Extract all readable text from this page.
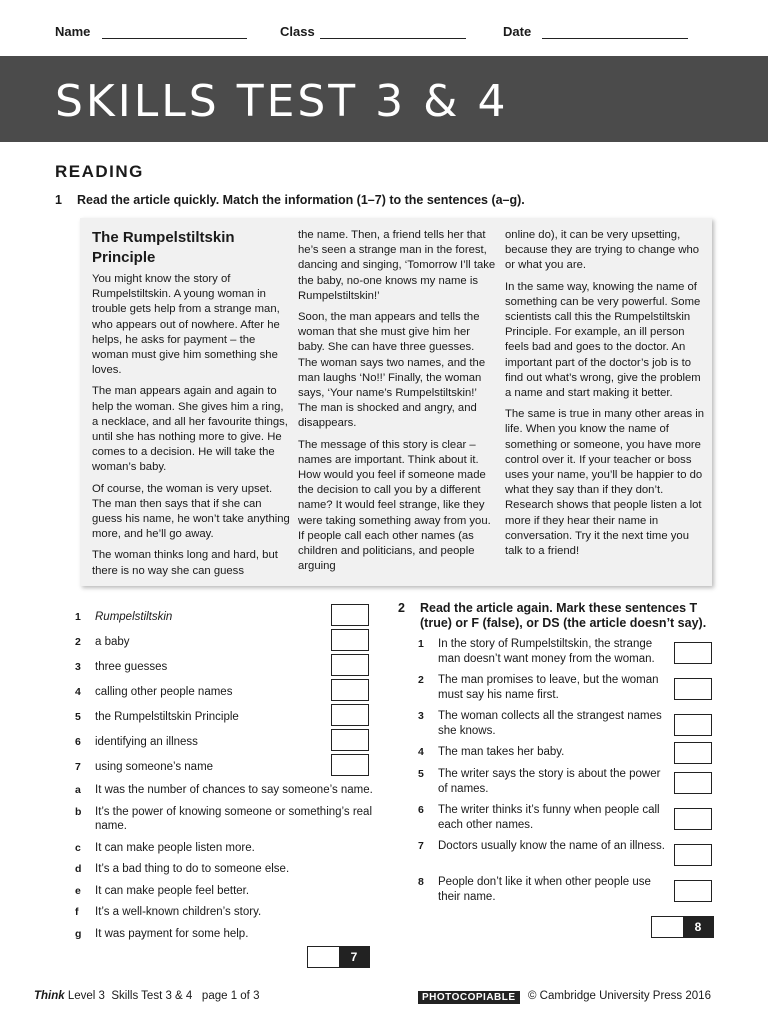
Name	Class	Date
SKILLS TEST 3 & 4
READING
1 Read the article quickly. Match the information (1–7) to the sentences (a–g).
The Rumpelstiltskin Principle

You might know the story of Rumpelstiltskin. A young woman in trouble gets help from a strange man, who appears out of nowhere. After he helps, he asks for payment – the woman must give him something she loves.

The man appears again and again to help the woman. She gives him a ring, a necklace, and all her favourite things, until she has nothing more to give. He comes to a decision. He will take the woman’s baby.

Of course, the woman is very upset. The man then says that if she can guess his name, he won’t take anything more, and he’ll go away.

The woman thinks long and hard, but there is no way she can guess

the name. Then, a friend tells her that he’s seen a strange man in the forest, dancing and singing, ‘Tomorrow I’ll take the baby, no-one knows my name is Rumpelstiltskin!’

Soon, the man appears and tells the woman that she must give him her baby. She can have three guesses. The woman says two names, and the man laughs ‘No!!’ Finally, the woman says, ‘Your name’s Rumpelstiltskin!’ The man is shocked and angry, and disappears.

The message of this story is clear – names are important. Think about it. How would you feel if someone made the decision to call you by a different name? It would feel strange, like they were taking something away from you. If people call each other names (as children and politicians, and people arguing

online do), it can be very upsetting, because they are trying to change who or what you are.

In the same way, knowing the name of something can be very powerful. Some scientists call this the Rumpelstiltskin Principle. For example, an ill person feels bad and goes to the doctor. An important part of the doctor’s job is to find out what’s wrong, give the problem a name and start making it better.

The same is true in many other areas in life. When you know the name of something or someone, you have more control over it. If your teacher or boss uses your name, you’ll be happier to do what they say than if they don’t. Research shows that people listen a lot more if they hear their name in conversation. Try it the next time you talk to a friend!

1	Rumpelstiltskin
2	a baby
3	three guesses
4	calling other people names
5	the Rumpelstiltskin Principle
6	identifying an illness
7	using someone’s name
a It was the number of chances to say someone’s name.
b It’s the power of knowing someone or something’s real name.
c It can make people listen more.
d It’s a bad thing to do to someone else.
e It can make people feel better.
f It’s a well-known children’s story.
g It was payment for some help.
7
2 Read the article again. Mark these sentences T (true) or F (false), or DS (the article doesn’t say).
1 In the story of Rumpelstiltskin, the strange man doesn’t want money from the woman.
2 The man promises to leave, but the woman must say his name first.
3 The woman collects all the strangest names she knows.
4 The man takes her baby.
5 The writer says the story is about the power of names.
6 The writer thinks it’s funny when people call each other names.
7 Doctors usually know the name of an illness.
8 People don’t like it when other people use their name.
8
Think Level 3 Skills Test 3 & 4 page 1 of 3	PHOTOCOPIABLE	© Cambridge University Press 2016
